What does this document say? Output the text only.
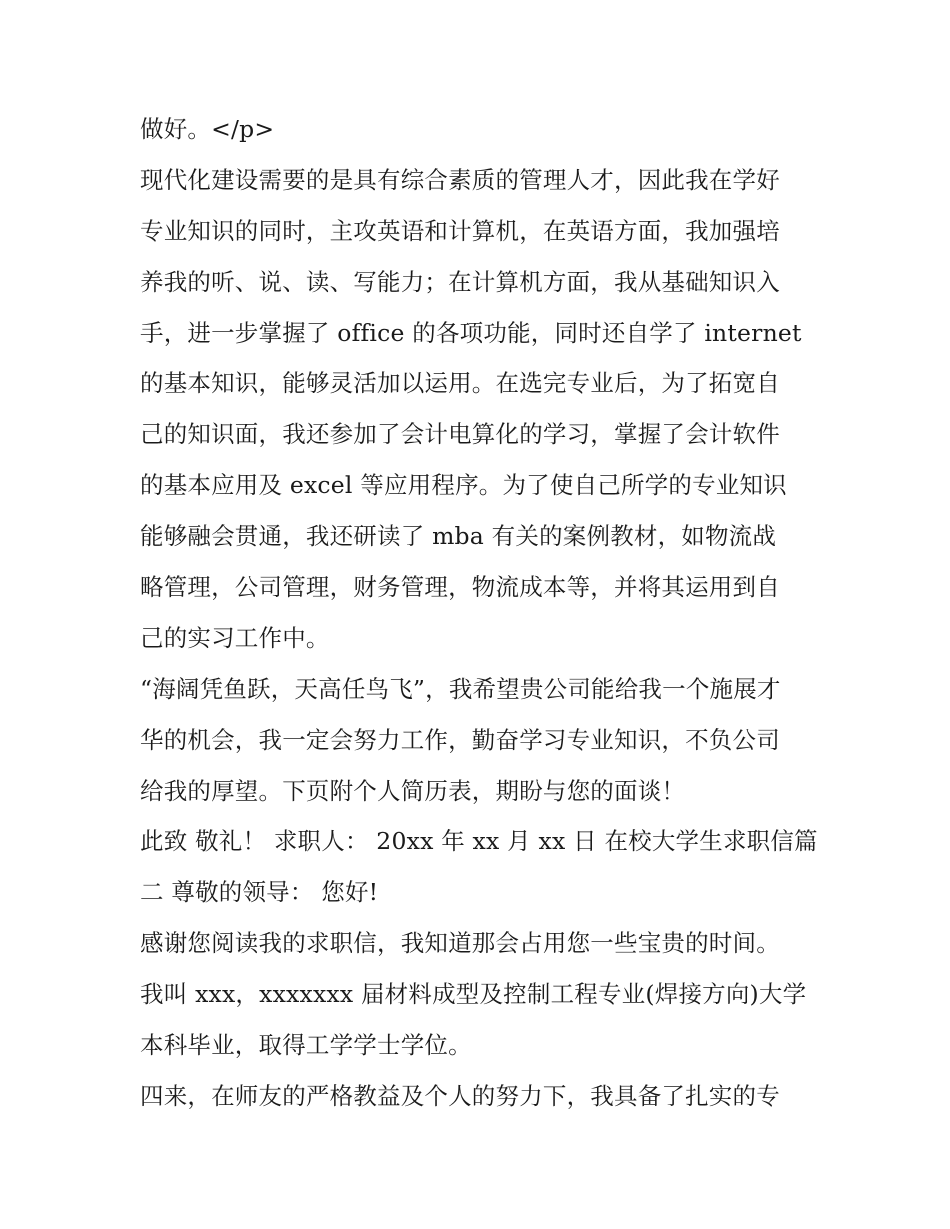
做好。</p>
现代化建设需要的是具有综合素质的管理人才，因此我在学好
专业知识的同时，主攻英语和计算机，在英语方面，我加强培
养我的听、说、读、写能力；在计算机方面，我从基础知识入
手，进一步掌握了 office 的各项功能，同时还自学了 internet
的基本知识，能够灵活加以运用。在选完专业后，为了拓宽自
己的知识面，我还参加了会计电算化的学习，掌握了会计软件
的基本应用及 excel 等应用程序。为了使自己所学的专业知识
能够融会贯通，我还研读了 mba 有关的案例教材，如物流战
略管理，公司管理，财务管理，物流成本等，并将其运用到自
己的实习工作中。
“海阔凭鱼跃，天高任鸟飞”，我希望贵公司能给我一个施展才
华的机会，我一定会努力工作，勤奋学习专业知识，不负公司
给我的厚望。下页附个人简历表，期盼与您的面谈！
此致 敬礼！ 求职人： 20xx 年 xx 月 xx 日 在校大学生求职信篇
二 尊敬的领导： 您好!
感谢您阅读我的求职信，我知道那会占用您一些宝贵的时间。
我叫 xxx，xxxxxxx 届材料成型及控制工程专业(焊接方向)大学
本科毕业，取得工学学士学位。
四来，在师友的严格教益及个人的努力下，我具备了扎实的专
